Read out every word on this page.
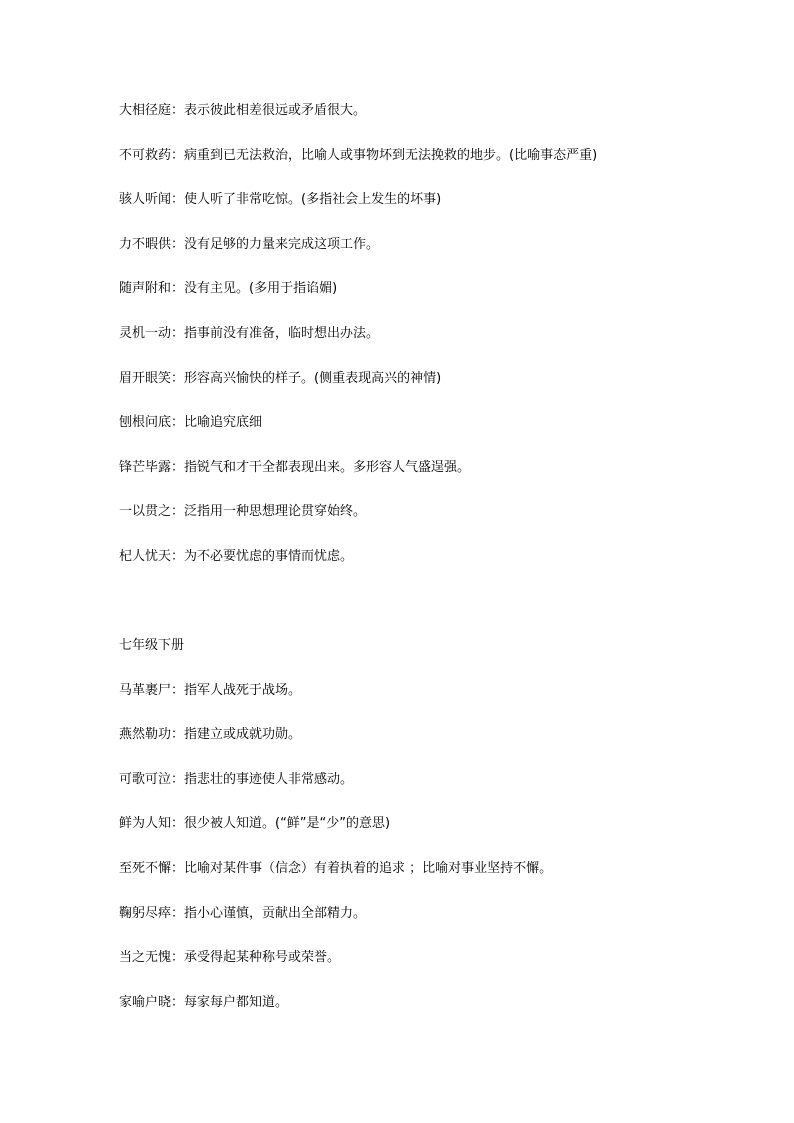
大相径庭：表示彼此相差很远或矛盾很大。
不可救药：病重到已无法救治，比喻人或事物坏到无法挽救的地步。(比喻事态严重)
骇人听闻：使人听了非常吃惊。(多指社会上发生的坏事)
力不暇供：没有足够的力量来完成这项工作。
随声附和：没有主见。(多用于指谄媚)
灵机一动：指事前没有准备，临时想出办法。
眉开眼笑：形容高兴愉快的样子。(侧重表现高兴的神情)
刨根问底：比喻追究底细
锋芒毕露：指锐气和才干全都表现出来。多形容人气盛逞强。
一以贯之：泛指用一种思想理论贯穿始终。
杞人忧天：为不必要忧虑的事情而忧虑。
七年级下册
马革裹尸：指军人战死于战场。
燕然勒功：指建立或成就功勋。
可歌可泣：指悲壮的事迹使人非常感动。
鲜为人知：很少被人知道。(“鲜”是“少”的意思)
至死不懈：比喻对某件事（信念）有着执着的追求 ；比喻对事业坚持不懈。
鞠躬尽瘁：指小心谨慎，贡献出全部精力。
当之无愧：承受得起某种称号或荣誉。
家喻户晓：每家每户都知道。
